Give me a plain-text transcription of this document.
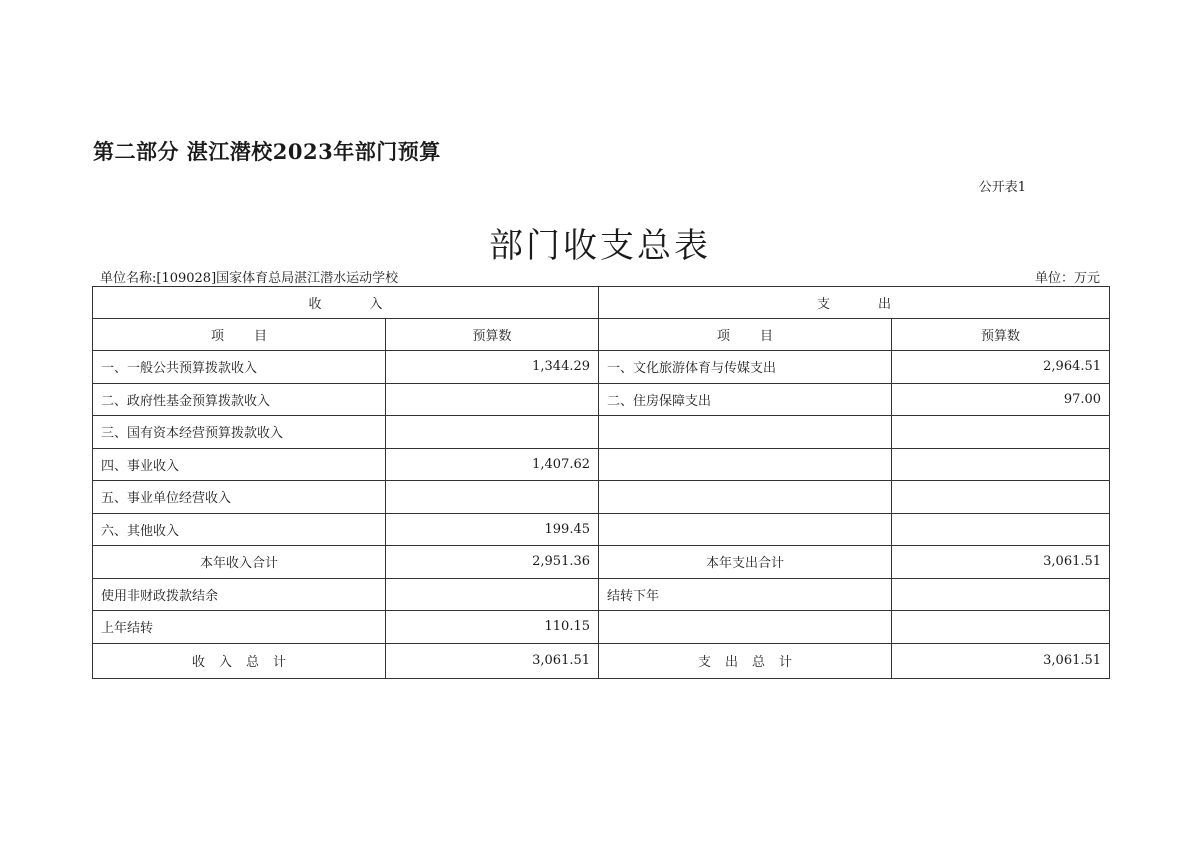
第二部分 湛江潜校2023年部门预算
公开表1
部门收支总表
单位名称:[109028]国家体育总局湛江潜水运动学校	单位：万元
收入		支出	
项目	预算数	项目	预算数
一、一般公共预算拨款收入	1,344.29	一、文化旅游体育与传媒支出	2,964.51
二、政府性基金预算拨款收入		二、住房保障支出	97.00
三、国有资本经营预算拨款收入			
四、事业收入	1,407.62		
五、事业单位经营收入			
六、其他收入	199.45		
本年收入合计	2,951.36	本年支出合计	3,061.51
使用非财政拨款结余		结转下年	
上年结转	110.15		
收入总计	3,061.51	支出总计	3,061.51
